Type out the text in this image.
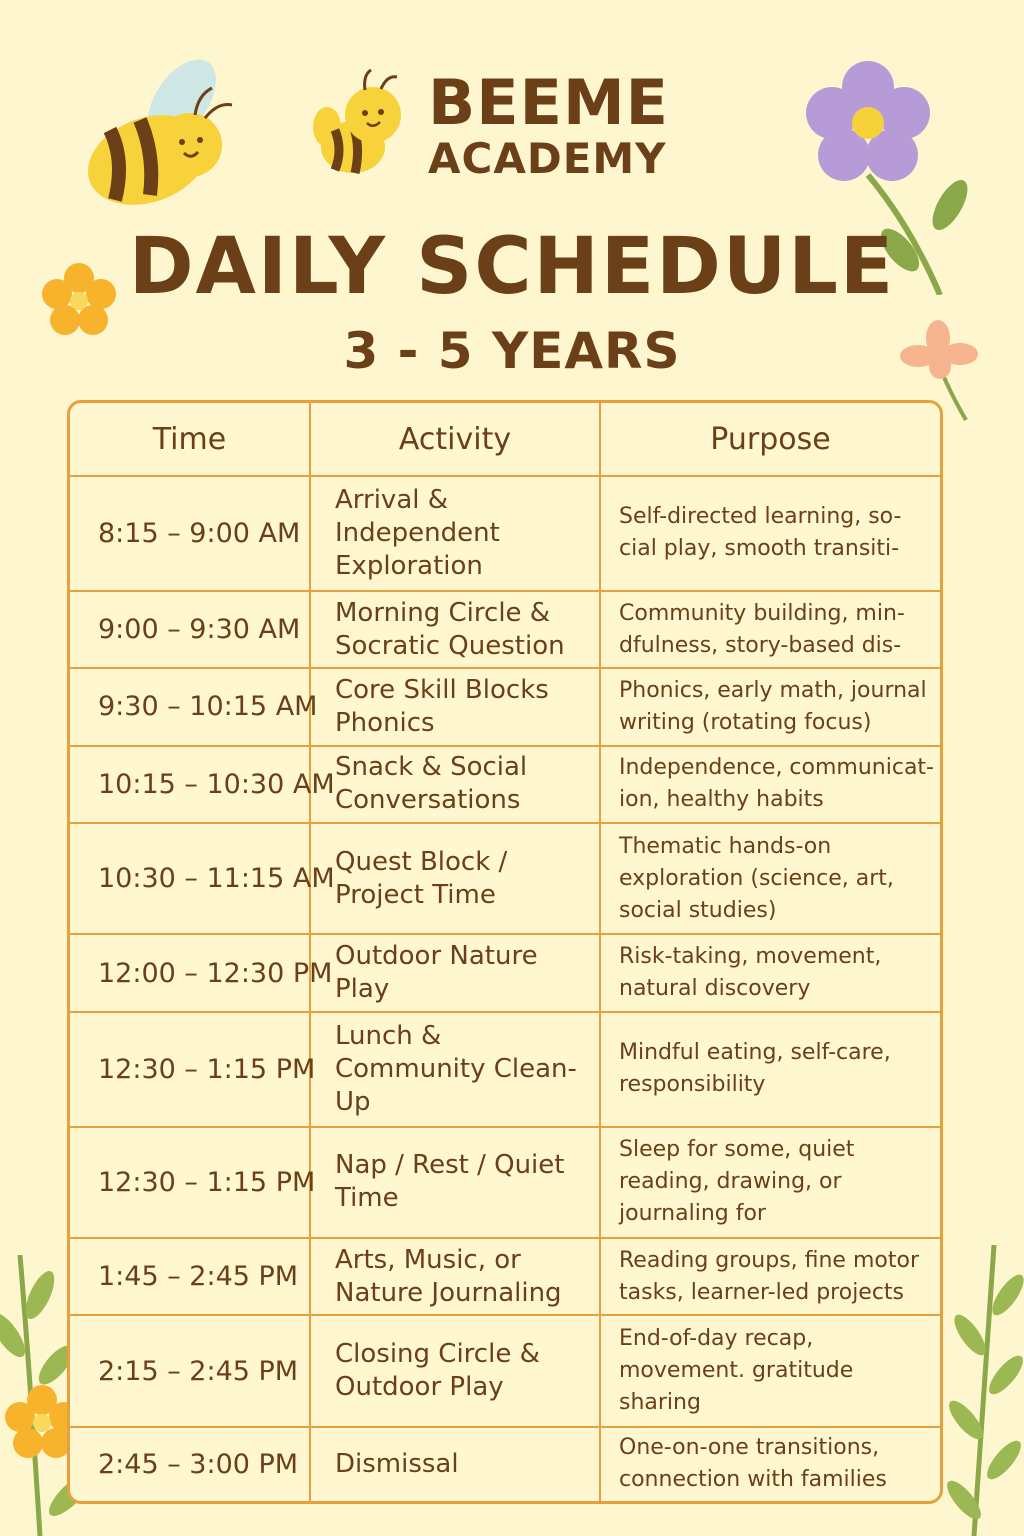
BEEME
ACADEMY
DAILY SCHEDULE
3 - 5 YEARS
Time	Activity	Purpose
8:15 – 9:00 AM	Arrival & Independent Exploration	Self-directed learning, so-cial play, smooth transiti-
9:00 – 9:30 AM	Morning Circle & Socratic Question	Community building, min-dfulness, story-based dis-
9:30 – 10:15 AM	Core Skill Blocks Phonics	Phonics, early math, journal writing (rotating focus)
10:15 – 10:30 AM	Snack & Social Conversations	Independence, communicat-ion, healthy habits
10:30 – 11:15 AM	Quest Block / Project Time	Thematic hands-on exploration (science, art, social studies)
12:00 – 12:30 PM	Outdoor Nature Play	Risk-taking, movement, natural discovery
12:30 – 1:15 PM	Lunch & Community Clean-Up	Mindful eating, self-care, responsibility
12:30 – 1:15 PM	Nap / Rest / Quiet Time	Sleep for some, quiet reading, drawing, or journaling for
1:45 – 2:45 PM	Arts, Music, or Nature Journaling	Reading groups, fine motor tasks, learner-led projects
2:15 – 2:45 PM	Closing Circle & Outdoor Play	End-of-day recap, movement. gratitude sharing
2:45 – 3:00 PM	Dismissal	One-on-one transitions, connection with families
